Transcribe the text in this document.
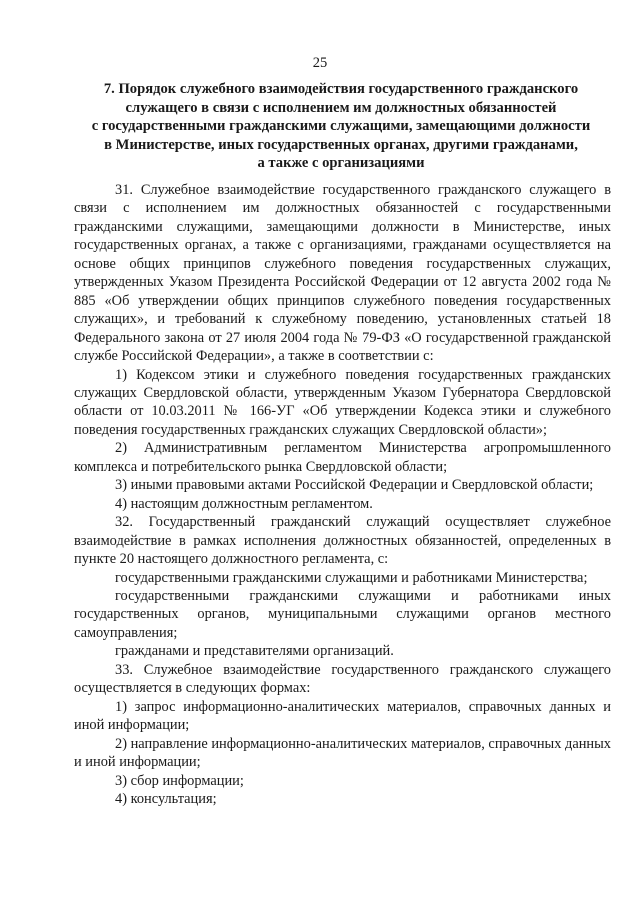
25
7. Порядок служебного взаимодействия государственного гражданского
служащего в связи с исполнением им должностных обязанностей
с государственными гражданскими служащими, замещающими должности
в Министерстве, иных государственных органах, другими гражданами,
а также с организациями

31. Служебное взаимодействие государственного гражданского служащего в связи с исполнением им должностных обязанностей с государственными гражданскими служащими, замещающими должности в Министерстве, иных государственных органах, а также с организациями, гражданами осуществляется на основе общих принципов служебного поведения государственных служащих, утвержденных Указом Президента Российской Федерации от 12 августа 2002 года № 885 «Об утверждении общих принципов служебного поведения государственных служащих», и требований к служебному поведению, установленных статьей 18 Федерального закона от 27 июля 2004 года № 79-ФЗ «О государственной гражданской службе Российской Федерации», а также в соответствии с:

1) Кодексом этики и служебного поведения государственных гражданских служащих Свердловской области, утвержденным Указом Губернатора Свердловской области от 10.03.2011 № 166-УГ «Об утверждении Кодекса этики и служебного поведения государственных гражданских служащих Свердловской области»;

2) Административным регламентом Министерства агропромышленного комплекса и потребительского рынка Свердловской области;

3) иными правовыми актами Российской Федерации и Свердловской области;

4) настоящим должностным регламентом.

32. Государственный гражданский служащий осуществляет служебное взаимодействие в рамках исполнения должностных обязанностей, определенных в пункте 20 настоящего должностного регламента, с:

государственными гражданскими служащими и работниками Министерства;

государственными гражданскими служащими и работниками иных государственных органов, муниципальными служащими органов местного самоуправления;

гражданами и представителями организаций.

33. Служебное взаимодействие государственного гражданского служащего осуществляется в следующих формах:

1) запрос информационно-аналитических материалов, справочных данных и иной информации;

2) направление информационно-аналитических материалов, справочных данных и иной информации;

3) сбор информации;

4) консультация;
